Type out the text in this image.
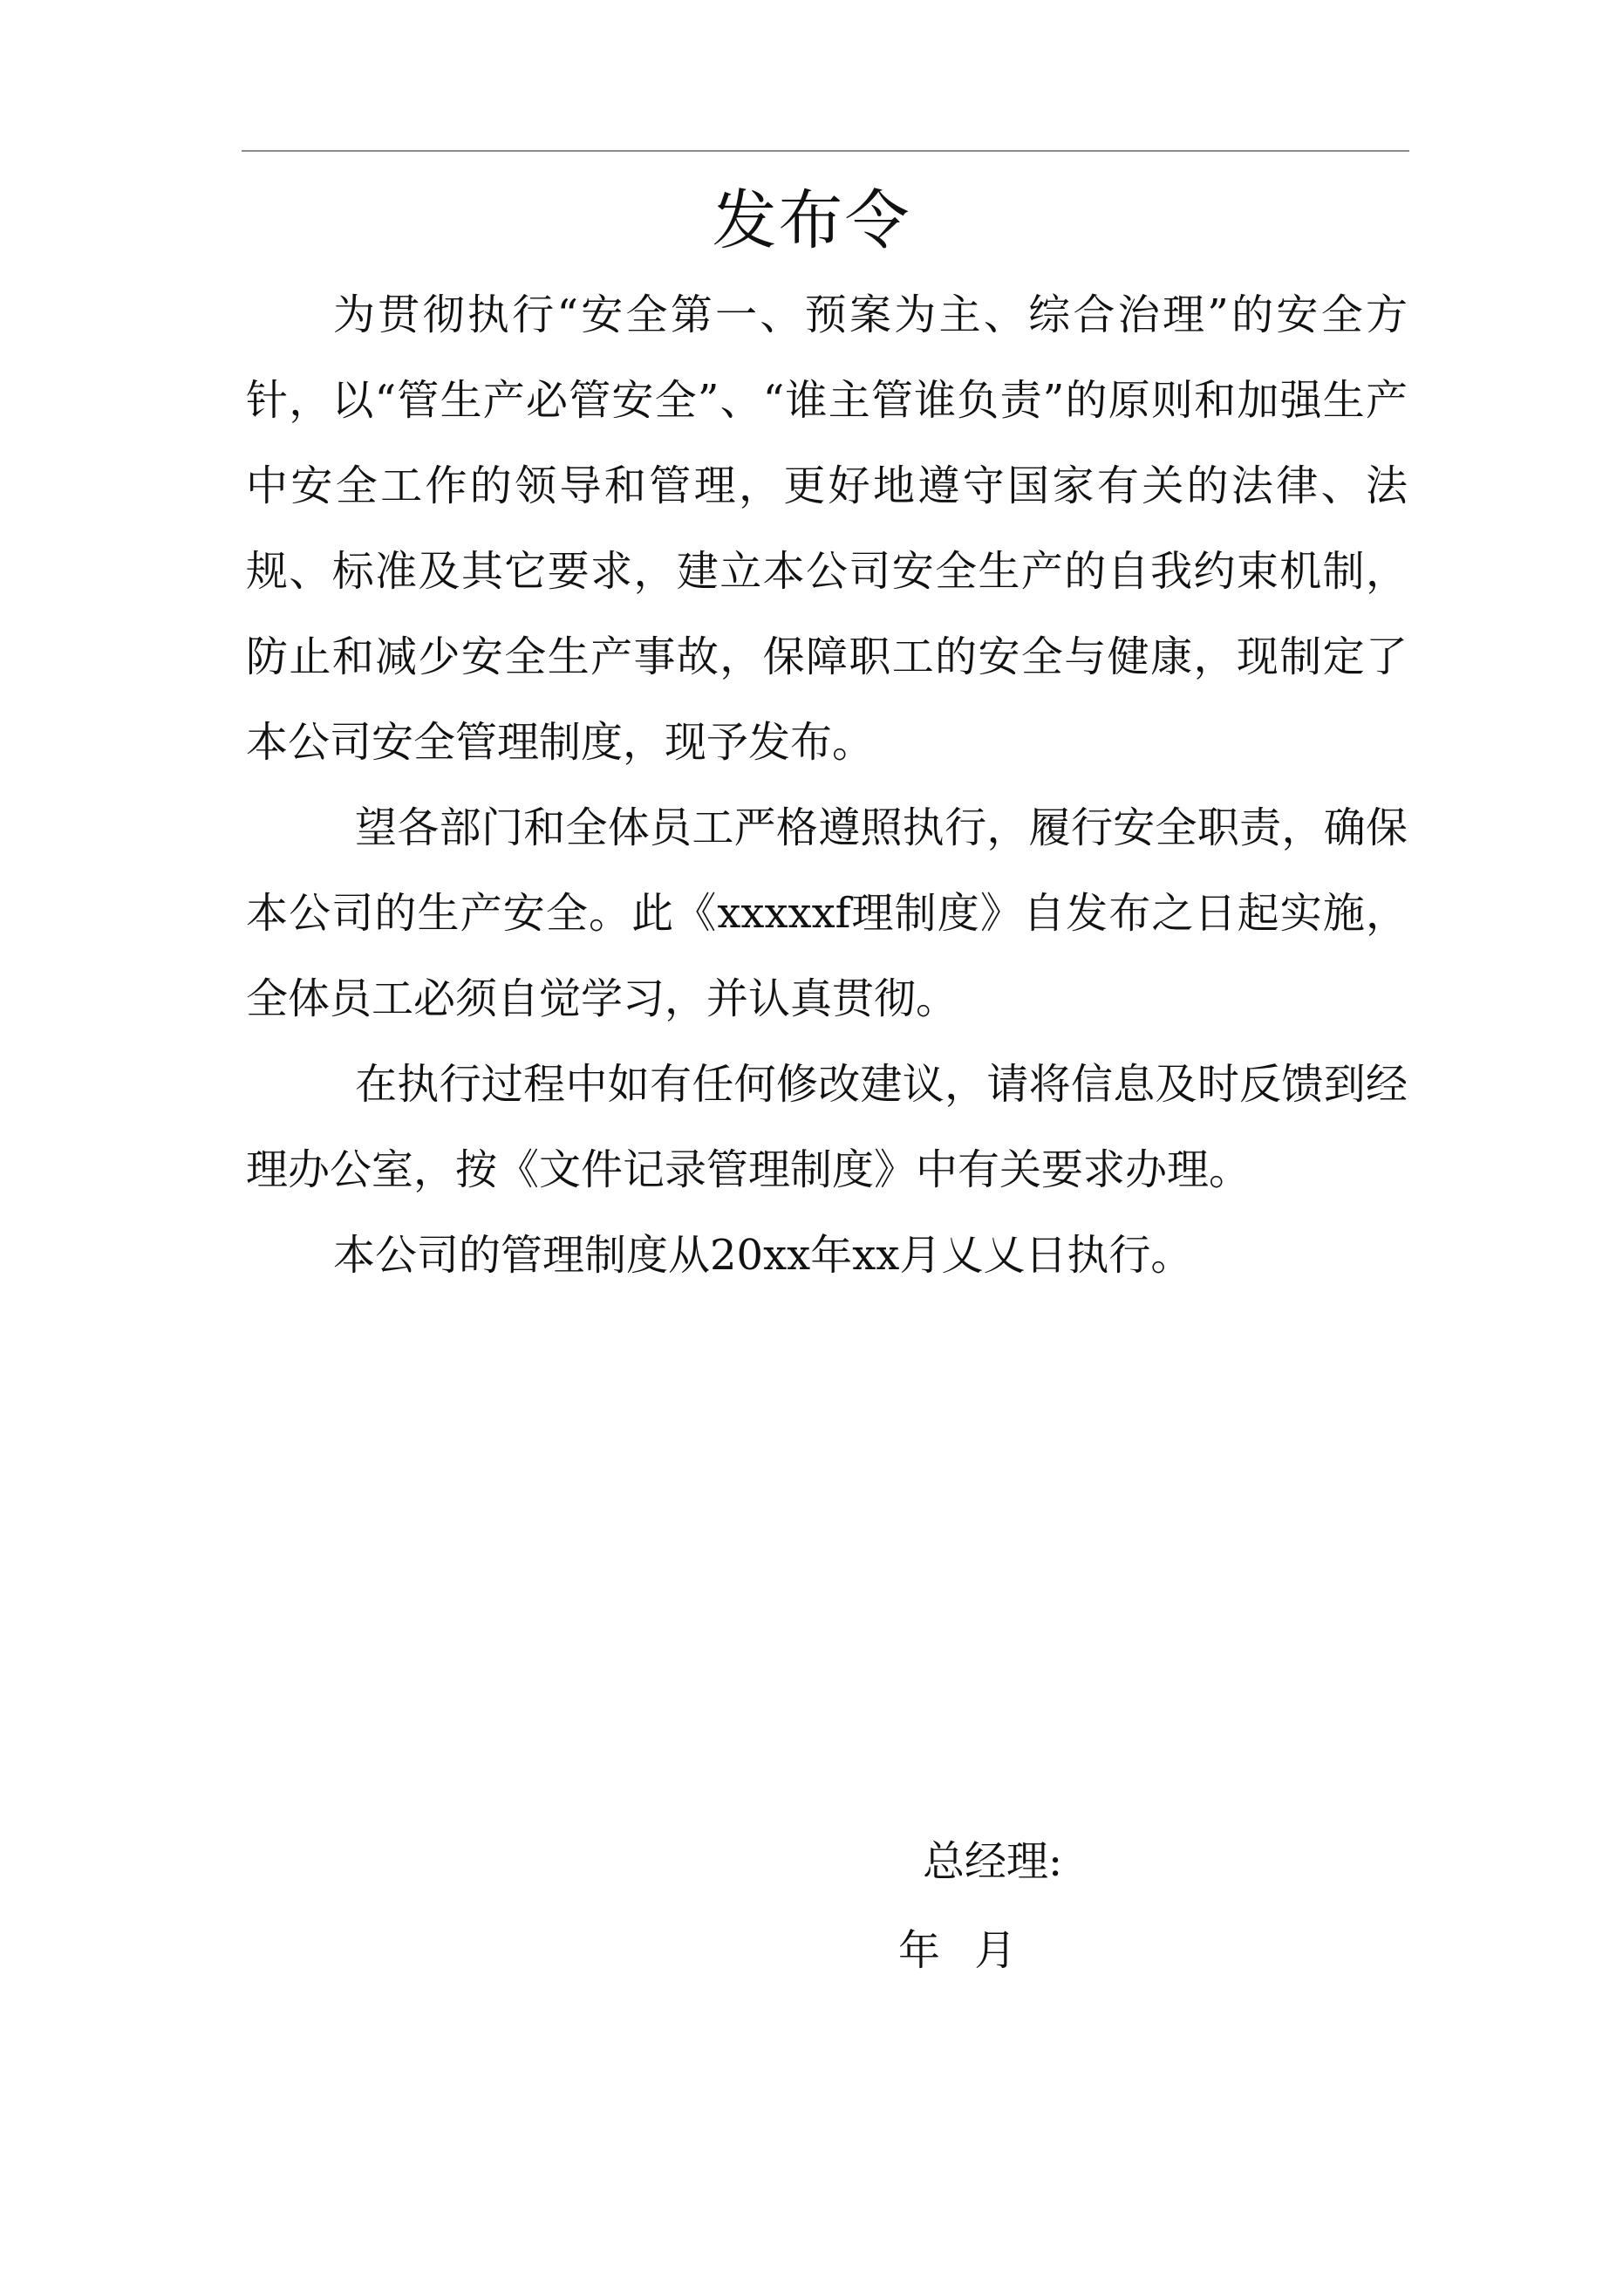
发布令

为贯彻执行“安全第一、预案为主、综合治理”的安全方针，以“管生产必管安全”、“谁主管谁负责”的原则和加强生产中安全工作的领导和管理，更好地遵守国家有关的法律、法规、标准及其它要求，建立本公司安全生产的自我约束机制，防止和减少安全生产事故，保障职工的安全与健康，现制定了本公司安全管理制度，现予发布。

望各部门和全体员工严格遵照执行，履行安全职责，确保本公司的生产安全。此《xxxxxf理制度》自发布之日起实施，全体员工必须自觉学习，并认真贯彻。

在执行过程中如有任何修改建议，请将信息及时反馈到经理办公室，按《文件记录管理制度》中有关要求办理。

本公司的管理制度从20xx年xx月乂乂日执行。

总经理:

年 月
